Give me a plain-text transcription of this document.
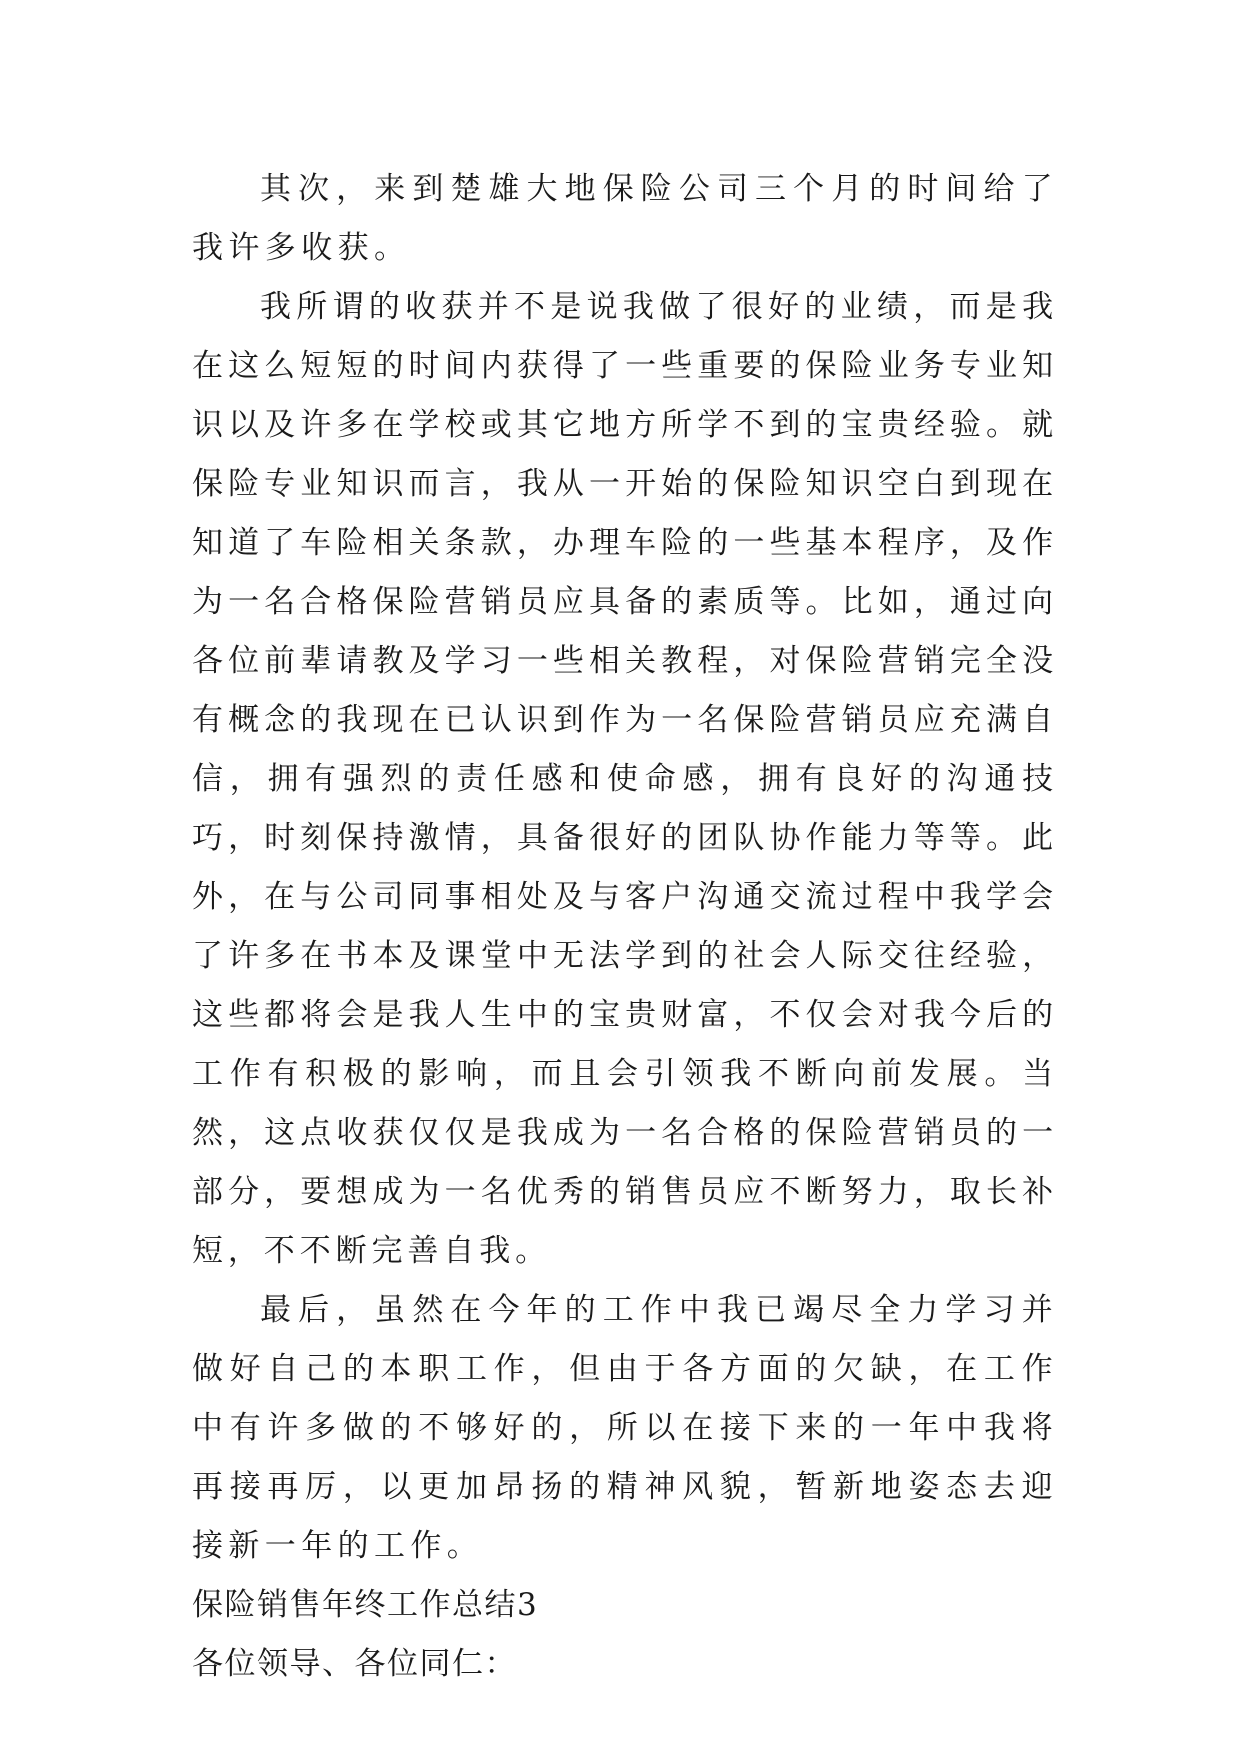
其次，来到楚雄大地保险公司三个月的时间给了我许多收获。

我所谓的收获并不是说我做了很好的业绩，而是我在这么短短的时间内获得了一些重要的保险业务专业知识以及许多在学校或其它地方所学不到的宝贵经验。就保险专业知识而言，我从一开始的保险知识空白到现在知道了车险相关条款，办理车险的一些基本程序，及作为一名合格保险营销员应具备的素质等。比如，通过向各位前辈请教及学习一些相关教程，对保险营销完全没有概念的我现在已认识到作为一名保险营销员应充满自信，拥有强烈的责任感和使命感，拥有良好的沟通技巧，时刻保持激情，具备很好的团队协作能力等等。此外，在与公司同事相处及与客户沟通交流过程中我学会了许多在书本及课堂中无法学到的社会人际交往经验，这些都将会是我人生中的宝贵财富，不仅会对我今后的工作有积极的影响，而且会引领我不断向前发展。当然，这点收获仅仅是我成为一名合格的保险营销员的一部分，要想成为一名优秀的销售员应不断努力，取长补短，不不断完善自我。

最后，虽然在今年的工作中我已竭尽全力学习并做好自己的本职工作，但由于各方面的欠缺，在工作中有许多做的不够好的，所以在接下来的一年中我将再接再厉，以更加昂扬的精神风貌，暂新地姿态去迎接新一年的工作。

保险销售年终工作总结3

各位领导、各位同仁：
